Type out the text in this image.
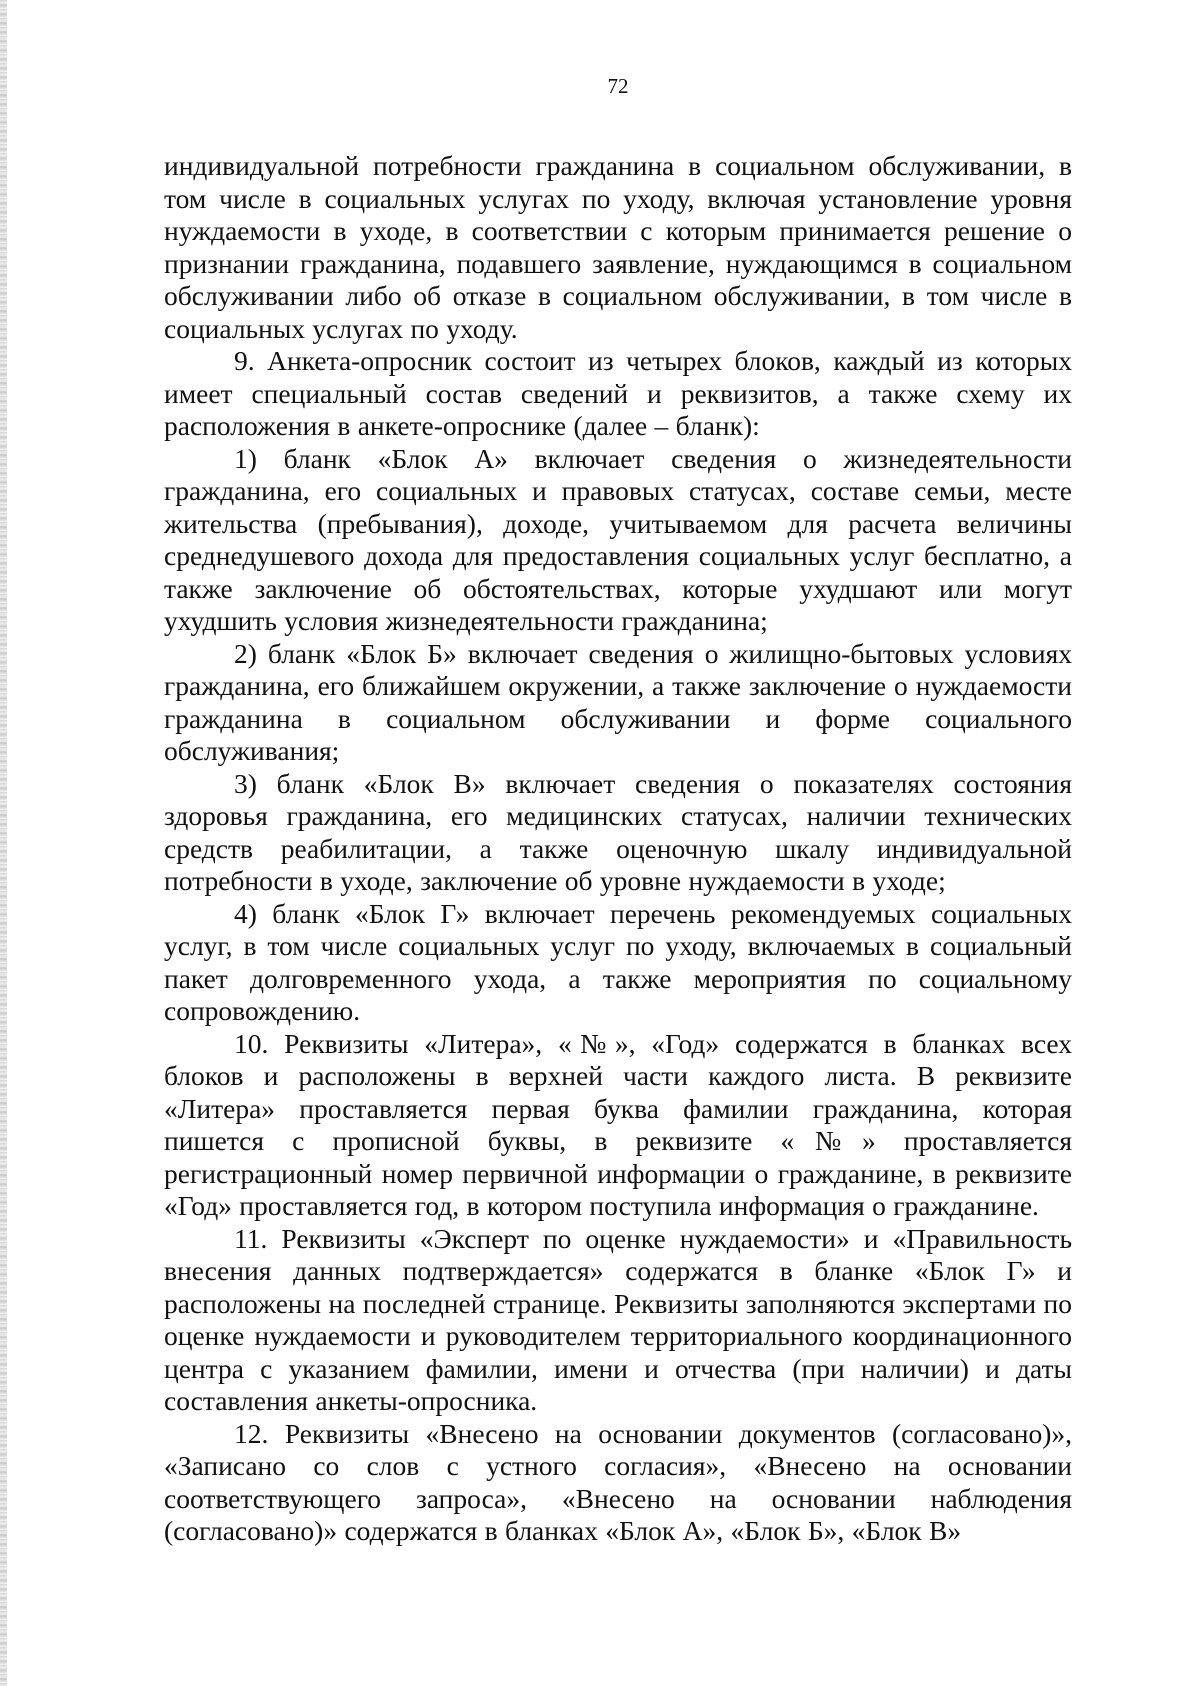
72

индивидуальной потребности гражданина в социальном обслуживании, в том числе в социальных услугах по уходу, включая установление уровня нуждаемости в уходе, в соответствии с которым принимается решение о признании гражданина, подавшего заявление, нуждающимся в социальном обслуживании либо об отказе в социальном обслуживании, в том числе в социальных услугах по уходу.

9. Анкета-опросник состоит из четырех блоков, каждый из которых имеет специальный состав сведений и реквизитов, а также схему их расположения в анкете-опроснике (далее – бланк):

1) бланк «Блок А» включает сведения о жизнедеятельности гражданина, его социальных и правовых статусах, составе семьи, месте жительства (пребывания), доходе, учитываемом для расчета величины среднедушевого дохода для предоставления социальных услуг бесплатно, а также заключение об обстоятельствах, которые ухудшают или могут ухудшить условия жизнедеятельности гражданина;

2) бланк «Блок Б» включает сведения о жилищно-бытовых условиях гражданина, его ближайшем окружении, а также заключение о нуждаемости гражданина в социальном обслуживании и форме социального обслуживания;

3) бланк «Блок В» включает сведения о показателях состояния здоровья гражданина, его медицинских статусах, наличии технических средств реабилитации, а также оценочную шкалу индивидуальной потребности в уходе, заключение об уровне нуждаемости в уходе;

4) бланк «Блок Г» включает перечень рекомендуемых социальных услуг, в том числе социальных услуг по уходу, включаемых в социальный пакет долговременного ухода, а также мероприятия по социальному сопровождению.

10. Реквизиты «Литера», «№», «Год» содержатся в бланках всех блоков и расположены в верхней части каждого листа. В реквизите «Литера» проставляется первая буква фамилии гражданина, которая пишется с прописной буквы, в реквизите «№» проставляется регистрационный номер первичной информации о гражданине, в реквизите «Год» проставляется год, в котором поступила информация о гражданине.

11. Реквизиты «Эксперт по оценке нуждаемости» и «Правильность внесения данных подтверждается» содержатся в бланке «Блок Г» и расположены на последней странице. Реквизиты заполняются экспертами по оценке нуждаемости и руководителем территориального координационного центра с указанием фамилии, имени и отчества (при наличии) и даты составления анкеты-опросника.

12. Реквизиты «Внесено на основании документов (согласовано)», «Записано со слов с устного согласия», «Внесено на основании соответствующего запроса», «Внесено на основании наблюдения (согласовано)» содержатся в бланках «Блок А», «Блок Б», «Блок В»
